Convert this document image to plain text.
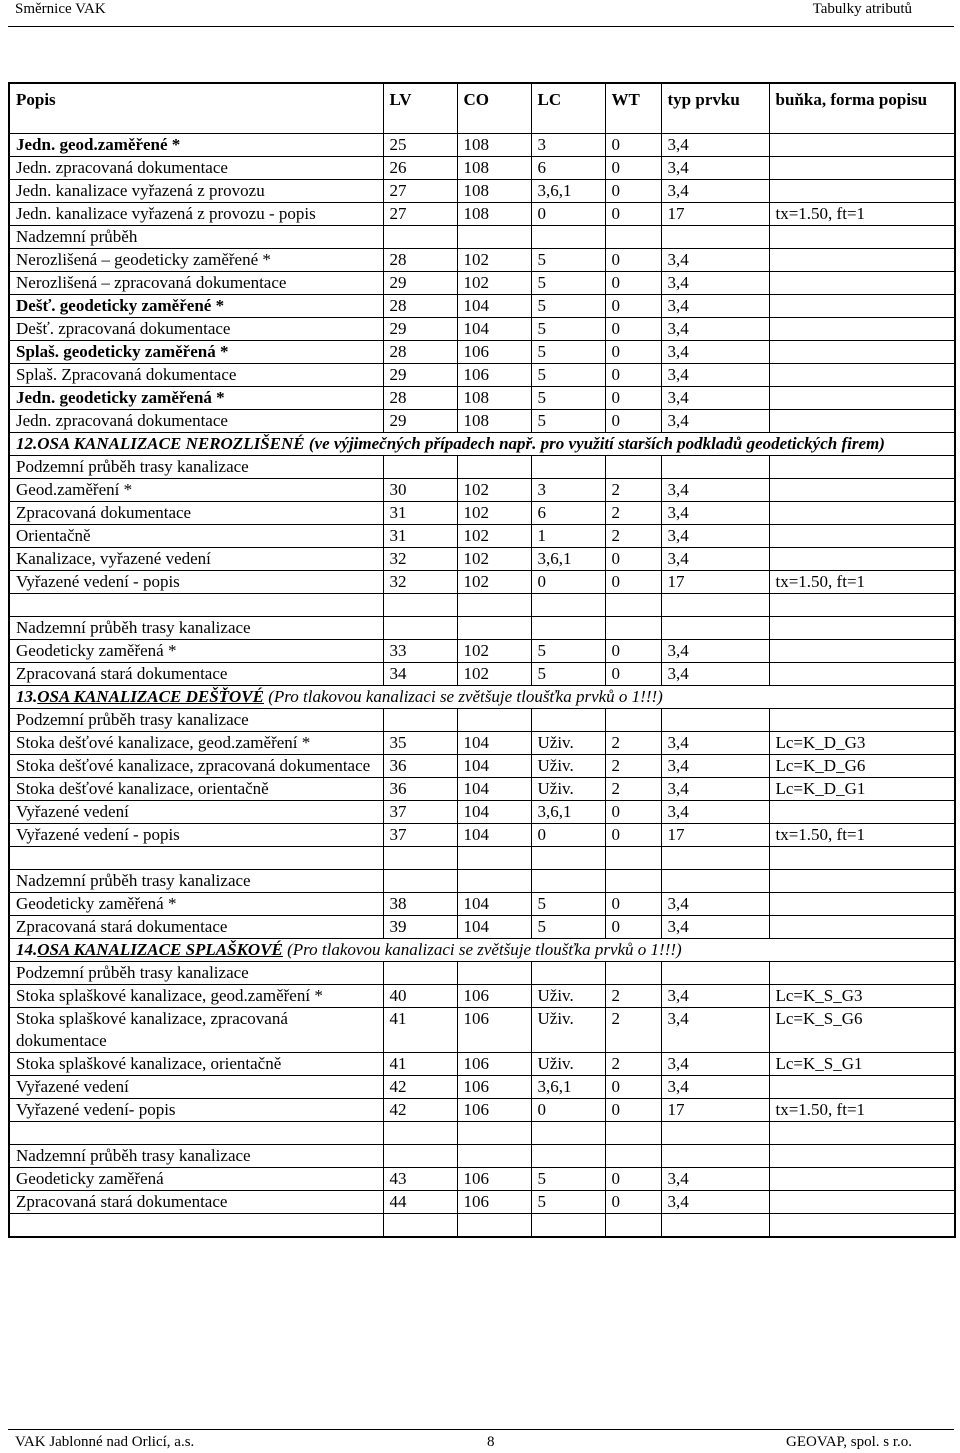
Směrnice VAK	Tabulky atributů
Popis	LV	CO	LC	WT	typ prvku	buňka, forma popisu
Jedn. geod.zaměřené *	25	108	3	0	3,4	
Jedn. zpracovaná dokumentace	26	108	6	0	3,4	
Jedn. kanalizace vyřazená z provozu	27	108	3,6,1	0	3,4	
Jedn. kanalizace vyřazená z provozu - popis	27	108	0	0	17	tx=1.50, ft=1
Nadzemní průběh						
Nerozlišená – geodeticky zaměřené *	28	102	5	0	3,4	
Nerozlišená – zpracovaná dokumentace	29	102	5	0	3,4	
Dešť. geodeticky zaměřené *	28	104	5	0	3,4	
Dešť. zpracovaná dokumentace	29	104	5	0	3,4	
Splaš. geodeticky zaměřená *	28	106	5	0	3,4	
Splaš. Zpracovaná dokumentace	29	106	5	0	3,4	
Jedn. geodeticky zaměřená *	28	108	5	0	3,4	
Jedn. zpracovaná dokumentace	29	108	5	0	3,4	
12.OSA KANALIZACE NEROZLIŠENÉ (ve výjimečných případech např. pro využití starších podkladů geodetických firem)						
Podzemní průběh trasy kanalizace						
Geod.zaměření *	30	102	3	2	3,4	
Zpracovaná dokumentace	31	102	6	2	3,4	
Orientačně	31	102	1	2	3,4	
Kanalizace, vyřazené vedení	32	102	3,6,1	0	3,4	
Vyřazené vedení - popis	32	102	0	0	17	tx=1.50, ft=1

Nadzemní průběh trasy kanalizace						
Geodeticky zaměřená *	33	102	5	0	3,4	
Zpracovaná stará dokumentace	34	102	5	0	3,4	
13.OSA KANALIZACE DEŠŤOVÉ (Pro tlakovou kanalizaci se zvětšuje tloušťka prvků o 1!!!)						
Podzemní průběh trasy kanalizace						
Stoka dešťové kanalizace, geod.zaměření *	35	104	Uživ.	2	3,4	Lc=K_D_G3
Stoka dešťové kanalizace, zpracovaná dokumentace	36	104	Uživ.	2	3,4	Lc=K_D_G6
Stoka dešťové kanalizace, orientačně	36	104	Uživ.	2	3,4	Lc=K_D_G1
Vyřazené vedení	37	104	3,6,1	0	3,4	
Vyřazené vedení - popis	37	104	0	0	17	tx=1.50, ft=1

Nadzemní průběh trasy kanalizace						
Geodeticky zaměřená *	38	104	5	0	3,4	
Zpracovaná stará dokumentace	39	104	5	0	3,4	
14.OSA KANALIZACE SPLAŠKOVÉ (Pro tlakovou kanalizaci se zvětšuje tloušťka prvků o 1!!!)						
Podzemní průběh trasy kanalizace						
Stoka splaškové kanalizace, geod.zaměření *	40	106	Uživ.	2	3,4	Lc=K_S_G3
Stoka splaškové kanalizace, zpracovaná dokumentace	41	106	Uživ.	2	3,4	Lc=K_S_G6
Stoka splaškové kanalizace, orientačně	41	106	Uživ.	2	3,4	Lc=K_S_G1
Vyřazené vedení	42	106	3,6,1	0	3,4	
Vyřazené vedení- popis	42	106	0	0	17	tx=1.50, ft=1

Nadzemní průběh trasy kanalizace						
Geodeticky zaměřená	43	106	5	0	3,4	
Zpracovaná stará dokumentace	44	106	5	0	3,4	

VAK Jablonné nad Orlicí, a.s.	8	GEOVAP, spol. s r.o.
